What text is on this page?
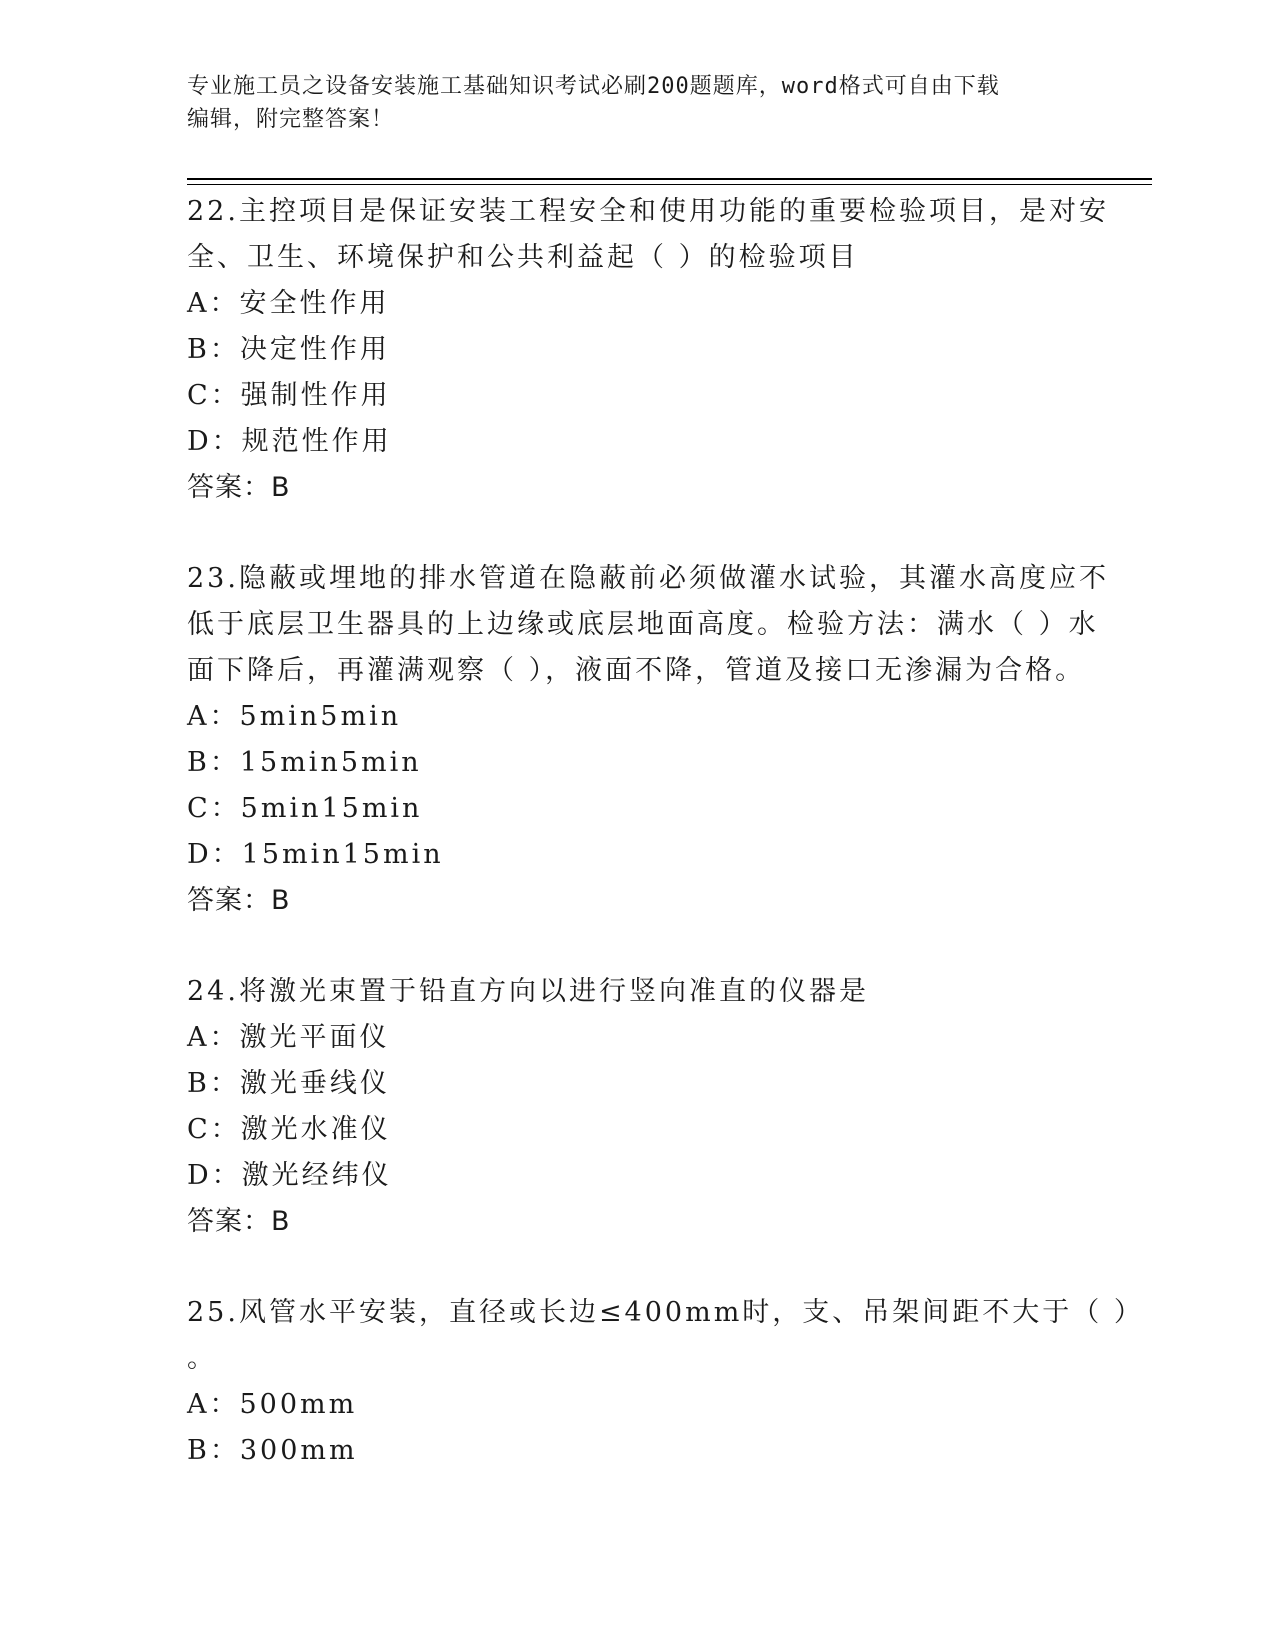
专业施工员之设备安装施工基础知识考试必刷200题题库，word格式可自由下载
编辑，附完整答案！
22.主控项目是保证安装工程安全和使用功能的重要检验项目，是对安
全、卫生、环境保护和公共利益起（ ）的检验项目
A：安全性作用
B：决定性作用
C：强制性作用
D：规范性作用
答案：B
23.隐蔽或埋地的排水管道在隐蔽前必须做灌水试验，其灌水高度应不
低于底层卫生器具的上边缘或底层地面高度。检验方法：满水（ ）水
面下降后，再灌满观察（ ），液面不降，管道及接口无渗漏为合格。
A：5min5min
B：15min5min
C：5min15min
D：15min15min
答案：B
24.将激光束置于铅直方向以进行竖向准直的仪器是
A：激光平面仪
B：激光垂线仪
C：激光水准仪
D：激光经纬仪
答案：B
25.风管水平安装，直径或长边≤400mm时，支、吊架间距不大于（ ）
。
A：500mm
B：300mm
